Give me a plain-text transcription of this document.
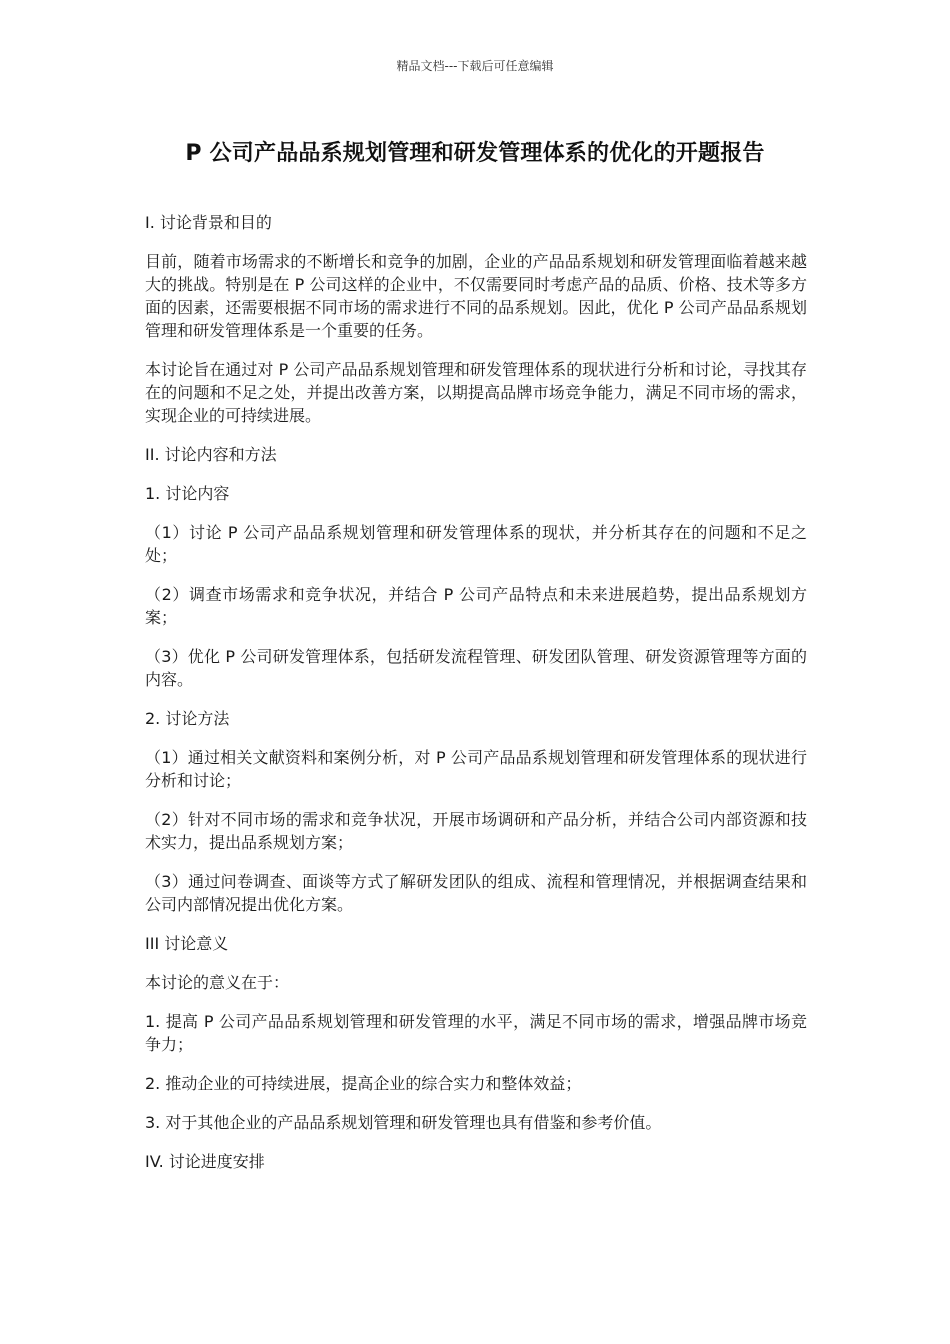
精品文档---下载后可任意编辑
P 公司产品品系规划管理和研发管理体系的优化的开题报告

I. 讨论背景和目的

目前，随着市场需求的不断增长和竞争的加剧，企业的产品品系规划和研发管理面临着越来越大的挑战。特别是在 P 公司这样的企业中，不仅需要同时考虑产品的品质、价格、技术等多方面的因素，还需要根据不同市场的需求进行不同的品系规划。因此，优化 P 公司产品品系规划管理和研发管理体系是一个重要的任务。

本讨论旨在通过对 P 公司产品品系规划管理和研发管理体系的现状进行分析和讨论，寻找其存在的问题和不足之处，并提出改善方案，以期提高品牌市场竞争能力，满足不同市场的需求，实现企业的可持续进展。

II. 讨论内容和方法

1. 讨论内容

（1）讨论 P 公司产品品系规划管理和研发管理体系的现状，并分析其存在的问题和不足之处；

（2）调查市场需求和竞争状况，并结合 P 公司产品特点和未来进展趋势，提出品系规划方案；

（3）优化 P 公司研发管理体系，包括研发流程管理、研发团队管理、研发资源管理等方面的内容。

2. 讨论方法

（1）通过相关文献资料和案例分析，对 P 公司产品品系规划管理和研发管理体系的现状进行分析和讨论；

（2）针对不同市场的需求和竞争状况，开展市场调研和产品分析，并结合公司内部资源和技术实力，提出品系规划方案；

（3）通过问卷调查、面谈等方式了解研发团队的组成、流程和管理情况，并根据调查结果和公司内部情况提出优化方案。

III 讨论意义

本讨论的意义在于：

1. 提高 P 公司产品品系规划管理和研发管理的水平，满足不同市场的需求，增强品牌市场竞争力；

2. 推动企业的可持续进展，提高企业的综合实力和整体效益；

3. 对于其他企业的产品品系规划管理和研发管理也具有借鉴和参考价值。

IV. 讨论进度安排
